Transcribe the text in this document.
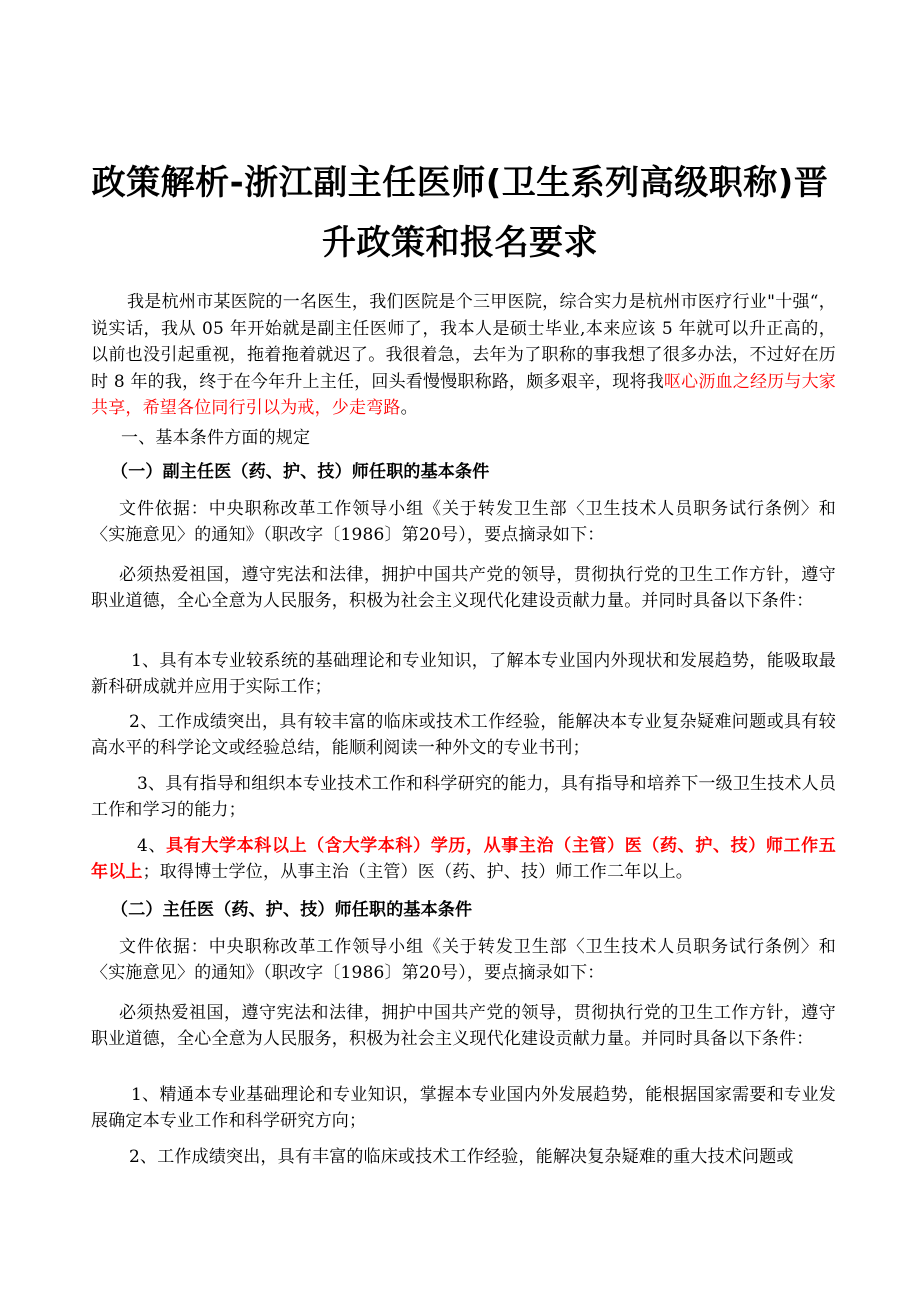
政策解析-浙江副主任医师(卫生系列高级职称)晋升政策和报名要求
我是杭州市某医院的一名医生，我们医院是个三甲医院，综合实力是杭州市医疗行业"十强“，说实话，我从 05 年开始就是副主任医师了，我本人是硕士毕业,本来应该 5 年就可以升正高的，以前也没引起重视，拖着拖着就迟了。我很着急，去年为了职称的事我想了很多办法，不过好在历时 8 年的我，终于在今年升上主任，回头看慢慢职称路，颇多艰辛，现将我呕心沥血之经历与大家共享，希望各位同行引以为戒，少走弯路。
一、基本条件方面的规定
（一）副主任医（药、护、技）师任职的基本条件
文件依据：中央职称改革工作领导小组《关于转发卫生部〈卫生技术人员职务试行条例〉和〈实施意见〉的通知》（职改字〔1986〕第20号），要点摘录如下：
必须热爱祖国，遵守宪法和法律，拥护中国共产党的领导，贯彻执行党的卫生工作方针，遵守职业道德，全心全意为人民服务，积极为社会主义现代化建设贡献力量。并同时具备以下条件：
1、具有本专业较系统的基础理论和专业知识，了解本专业国内外现状和发展趋势，能吸取最新科研成就并应用于实际工作；
2、工作成绩突出，具有较丰富的临床或技术工作经验，能解决本专业复杂疑难问题或具有较高水平的科学论文或经验总结，能顺利阅读一种外文的专业书刊；
3、具有指导和组织本专业技术工作和科学研究的能力，具有指导和培养下一级卫生技术人员工作和学习的能力；
4、具有大学本科以上（含大学本科）学历，从事主治（主管）医（药、护、技）师工作五年以上；取得博士学位，从事主治（主管）医（药、护、技）师工作二年以上。
（二）主任医（药、护、技）师任职的基本条件
文件依据：中央职称改革工作领导小组《关于转发卫生部〈卫生技术人员职务试行条例〉和〈实施意见〉的通知》（职改字〔1986〕第20号），要点摘录如下：
必须热爱祖国，遵守宪法和法律，拥护中国共产党的领导，贯彻执行党的卫生工作方针，遵守职业道德，全心全意为人民服务，积极为社会主义现代化建设贡献力量。并同时具备以下条件：
1、精通本专业基础理论和专业知识，掌握本专业国内外发展趋势，能根据国家需要和专业发展确定本专业工作和科学研究方向；
2、工作成绩突出，具有丰富的临床或技术工作经验，能解决复杂疑难的重大技术问题或
